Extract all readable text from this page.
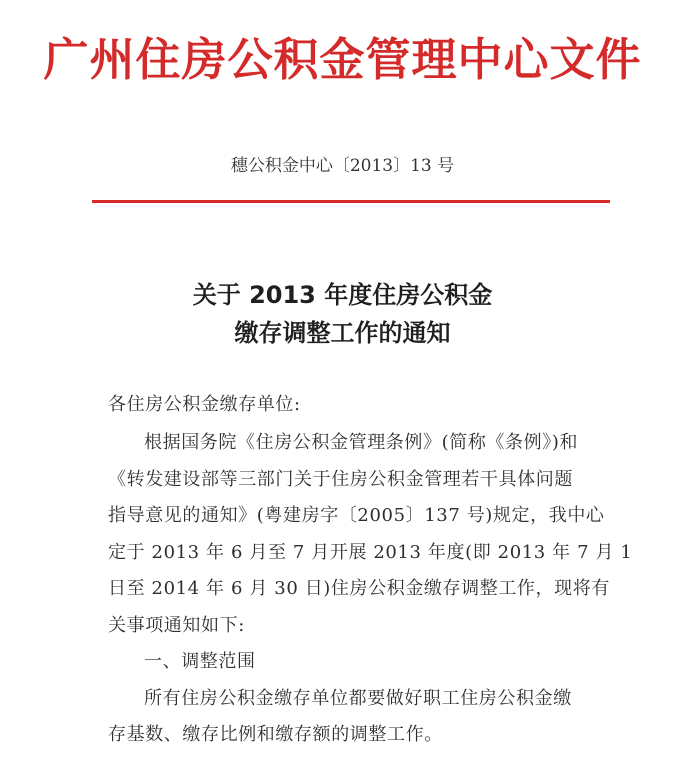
广州住房公积金管理中心文件
穗公积金中心〔2013〕13 号
关于 2013 年度住房公积金
缴存调整工作的通知
各住房公积金缴存单位:
根据国务院《住房公积金管理条例》(简称《条例》)和
《转发建设部等三部门关于住房公积金管理若干具体问题
指导意见的通知》(粤建房字〔2005〕137 号)规定，我中心
定于 2013 年 6 月至 7 月开展 2013 年度(即 2013 年 7 月 1
日至 2014 年 6 月 30 日)住房公积金缴存调整工作，现将有
关事项通知如下:
一、调整范围
所有住房公积金缴存单位都要做好职工住房公积金缴
存基数、缴存比例和缴存额的调整工作。
